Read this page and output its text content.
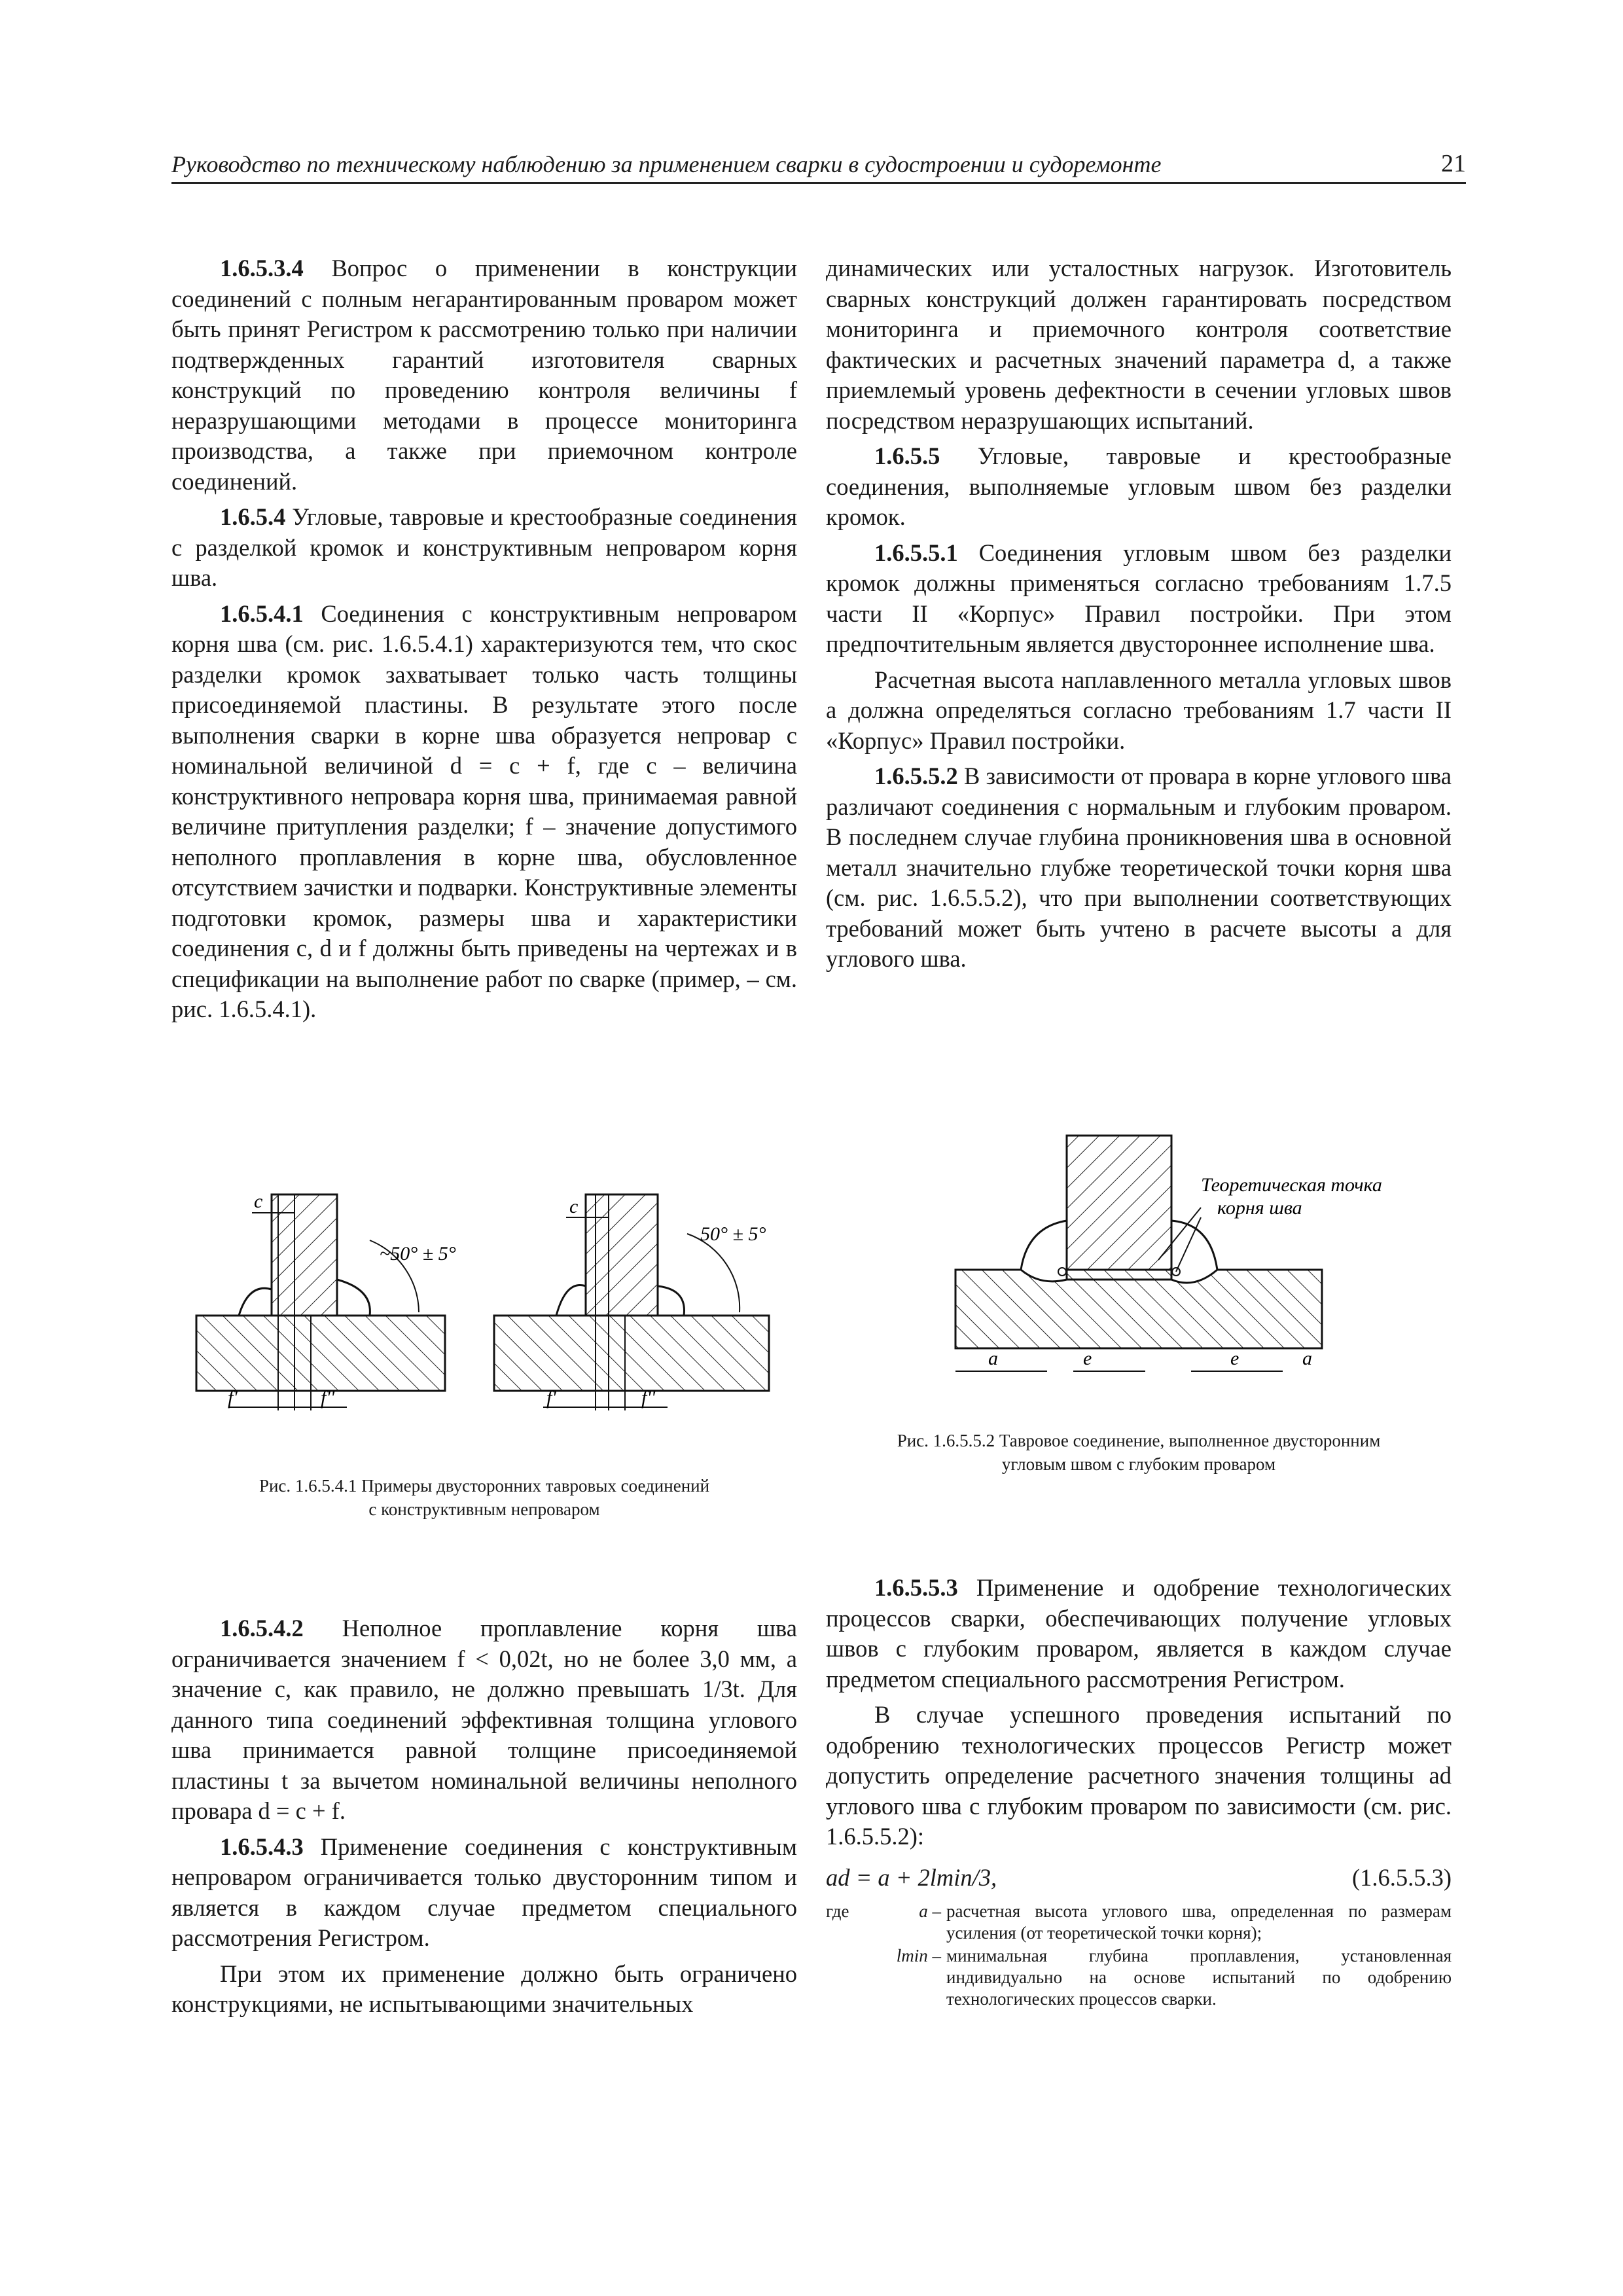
Руководство по техническому наблюдению за применением сварки в судостроении и судоремонте	21

1.6.5.3.4 Вопрос о применении в конструкции соединений с полным негарантированным проваром может быть принят Регистром к рассмотрению только при наличии подтвержденных гарантий изготовителя сварных конструкций по проведению контроля величины f неразрушающими методами в процессе мониторинга производства, а также при приемочном контроле соединений.

1.6.5.4 Угловые, тавровые и крестообразные соединения с разделкой кромок и конструктивным непроваром корня шва.

1.6.5.4.1 Соединения с конструктивным непроваром корня шва (см. рис. 1.6.5.4.1) характеризуются тем, что скос разделки кромок захватывает только часть толщины присоединяемой пластины. В результате этого после выполнения сварки в корне шва образуется непровар с номинальной величиной d = c + f, где c – величина конструктивного непровара корня шва, принимаемая равной величине притупления разделки; f – значение допустимого неполного проплавления в корне шва, обусловленное отсутствием зачистки и подварки. Конструктивные элементы подготовки кромок, размеры шва и характеристики соединения c, d и f должны быть приведены на чертежах и в спецификации на выполнение работ по сварке (пример, – см. рис. 1.6.5.4.1).

c
~50° ± 5°
f'	f''
c
50° ± 5°
f'	f''
Рис. 1.6.5.4.1 Примеры двусторонних тавровых соединений
с конструктивным непроваром

1.6.5.4.2 Неполное проплавление корня шва ограничивается значением f < 0,02t, но не более 3,0 мм, а значение с, как правило, не должно превышать 1/3t. Для данного типа соединений эффективная толщина углового шва принимается равной толщине присоединяемой пластины t за вычетом номинальной величины неполного провара d = c + f.

1.6.5.4.3 Применение соединения с конструктивным непроваром ограничивается только двусторонним типом и является в каждом случае предметом специального рассмотрения Регистром.

При этом их применение должно быть ограничено конструкциями, не испытывающими значительных

динамических или усталостных нагрузок. Изготовитель сварных конструкций должен гарантировать посредством мониторинга и приемочного контроля соответствие фактических и расчетных значений параметра d, а также приемлемый уровень дефектности в сечении угловых швов посредством неразрушающих испытаний.

1.6.5.5 Угловые, тавровые и крестообразные соединения, выполняемые угловым швом без разделки кромок.

1.6.5.5.1 Соединения угловым швом без разделки кромок должны применяться согласно требованиям 1.7.5 части II «Корпус» Правил постройки. При этом предпочтительным является двустороннее исполнение шва.

Расчетная высота наплавленного металла угловых швов a должна определяться согласно требованиям 1.7 части II «Корпус» Правил постройки.

1.6.5.5.2 В зависимости от провара в корне углового шва различают соединения с нормальным и глубоким проваром. В последнем случае глубина проникновения шва в основной металл значительно глубже теоретической точки корня шва (см. рис. 1.6.5.5.2), что при выполнении соответствующих требований может быть учтено в расчете высоты a для углового шва.

a	e	e	a
Теоретическая точка
корня шва
Рис. 1.6.5.5.2 Тавровое соединение, выполненное двусторонним
угловым швом с глубоким проваром

1.6.5.5.3 Применение и одобрение технологических процессов сварки, обеспечивающих получение угловых швов с глубоким проваром, является в каждом случае предметом специального рассмотрения Регистром.

В случае успешного проведения испытаний по одобрению технологических процессов Регистр может допустить определение расчетного значения толщины ad углового шва с глубоким проваром по зависимости (см. рис. 1.6.5.5.2):

ad = a + 2lmin/3,	(1.6.5.5.3)
где	a – расчетная высота углового шва, определенная по размерам усиления (от теоретической точки корня);
lmin – минимальная глубина проплавления, установленная индивидуально на основе испытаний по одобрению технологических процессов сварки.
